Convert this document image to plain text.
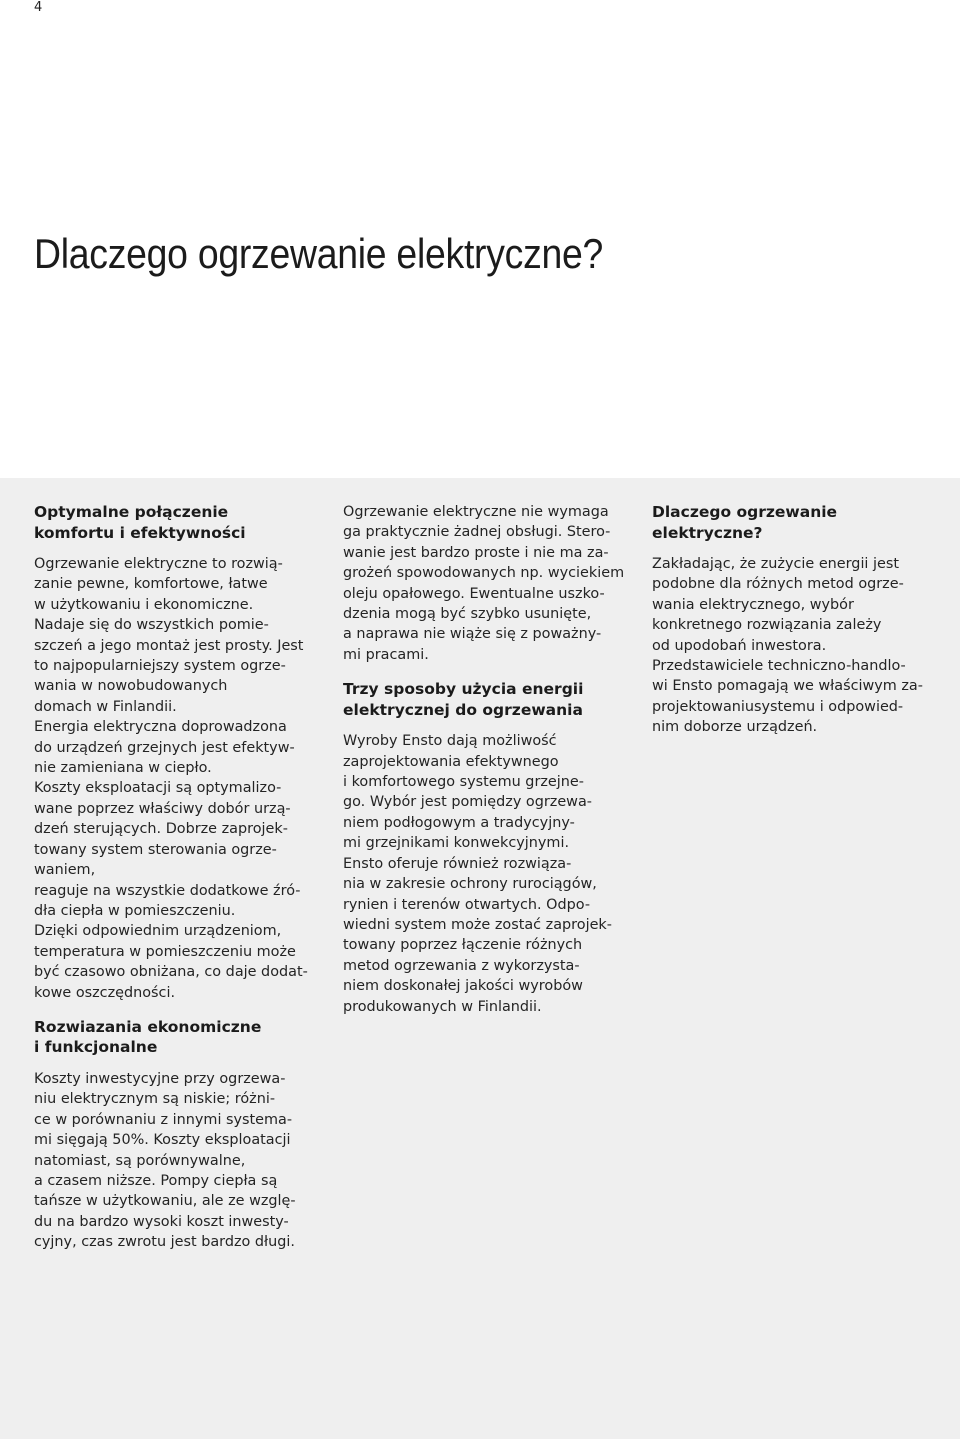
4
Dlaczego ogrzewanie elektryczne?
Optymalne połączenie
komfortu i efektywności

Ogrzewanie elektryczne to rozwią-
zanie pewne, komfortowe, łatwe
w użytkowaniu i ekonomiczne.
Nadaje się do wszystkich pomie-
szczeń a jego montaż jest prosty. Jest
to najpopularniejszy system ogrze-
wania w nowobudowanych
domach w Finlandii.
Energia elektryczna doprowadzona
do urządzeń grzejnych jest efektyw-
nie zamieniana w ciepło.
Koszty eksploatacji są optymalizo-
wane poprzez właściwy dobór urzą-
dzeń sterujących. Dobrze zaprojek-
towany system sterowania ogrze-
waniem,
reaguje na wszystkie dodatkowe źró-
dła ciepła w pomieszczeniu.
Dzięki odpowiednim urządzeniom,
temperatura w pomieszczeniu może
być czasowo obniżana, co daje dodat-
kowe oszczędności.

Rozwiazania ekonomiczne
i funkcjonalne

Koszty inwestycyjne przy ogrzewa-
niu elektrycznym są niskie; różni-
ce w porównaniu z innymi systema-
mi sięgają 50%. Koszty eksploatacji
natomiast, są porównywalne,
a czasem niższe. Pompy ciepła są
tańsze w użytkowaniu, ale ze wzglę-
du na bardzo wysoki koszt inwesty-
cyjny, czas zwrotu jest bardzo długi.

Ogrzewanie elektryczne nie wymaga
ga praktycznie żadnej obsługi. Stero-
wanie jest bardzo proste i nie ma za-
grożeń spowodowanych np. wyciekiem
oleju opałowego. Ewentualne uszko-
dzenia mogą być szybko usunięte,
a naprawa nie wiąże się z poważny-
mi pracami.

Trzy sposoby użycia energii
elektrycznej do ogrzewania

Wyroby Ensto dają możliwość
zaprojektowania efektywnego
i komfortowego systemu grzejne-
go. Wybór jest pomiędzy ogrzewa-
niem podłogowym a tradycyjny-
mi grzejnikami konwekcyjnymi.
Ensto oferuje również rozwiąza-
nia w zakresie ochrony rurociągów,
rynien i terenów otwartych. Odpo-
wiedni system może zostać zaprojek-
towany poprzez łączenie różnych
metod ogrzewania z wykorzysta-
niem doskonałej jakości wyrobów
produkowanych w Finlandii.

Dlaczego ogrzewanie
elektryczne?

Zakładając, że zużycie energii jest
podobne dla różnych metod ogrze-
wania elektrycznego, wybór
konkretnego rozwiązania zależy
od upodobań inwestora.
Przedstawiciele techniczno-handlo-
wi Ensto pomagają we właściwym za-
projektowaniusystemu i odpowied-
nim doborze urządzeń.
